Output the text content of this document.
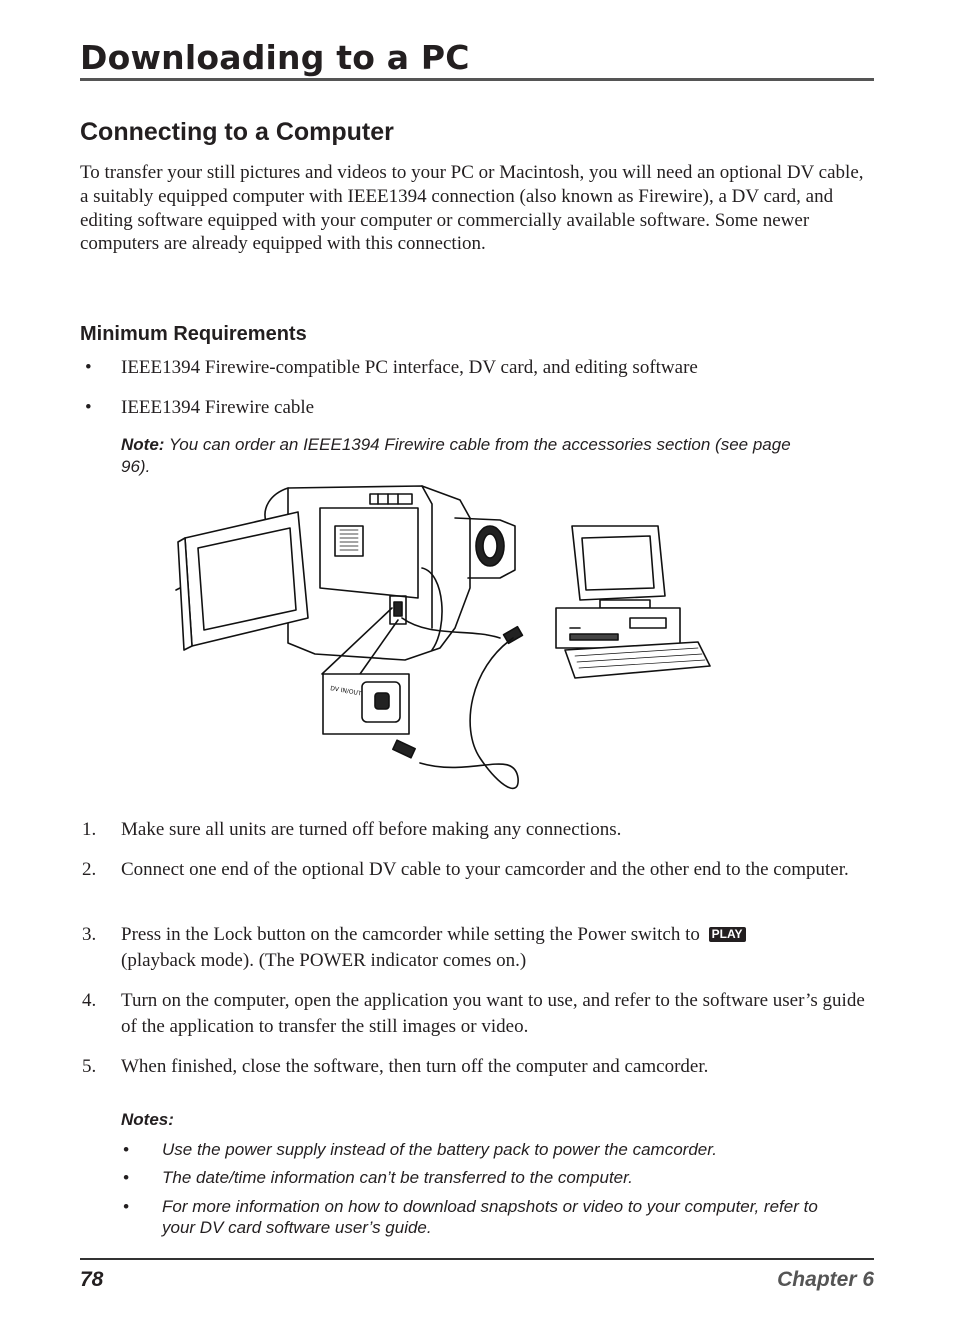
Downloading to a PC
Connecting to a Computer
To transfer your still pictures and videos to your PC or Macintosh, you will need an optional DV cable, a suitably equipped computer with IEEE1394 connection (also known as Firewire), a DV card, and editing software equipped with your computer or commercially available software. Some newer computers are already equipped with this connection.
Minimum Requirements
• IEEE1394 Firewire-compatible PC interface, DV card, and editing software
• IEEE1394 Firewire cable
Note: You can order an IEEE1394 Firewire cable from the accessories section (see page 96).
DV IN/OUT
1. Make sure all units are turned off before making any connections.
2. Connect one end of the optional DV cable to your camcorder and the other end to the computer.
3. Press in the Lock button on the camcorder while setting the Power switch to PLAY
(playback mode). (The POWER indicator comes on.)
4. Turn on the computer, open the application you want to use, and refer to the software user’s guide of the application to transfer the still images or video.
5. When finished, close the software, then turn off the computer and camcorder.
Notes:
• Use the power supply instead of the battery pack to power the camcorder.
• The date/time information can’t be transferred to the computer.
• For more information on how to download snapshots or video to your computer, refer to your DV card software user’s guide.
78	Chapter 6
